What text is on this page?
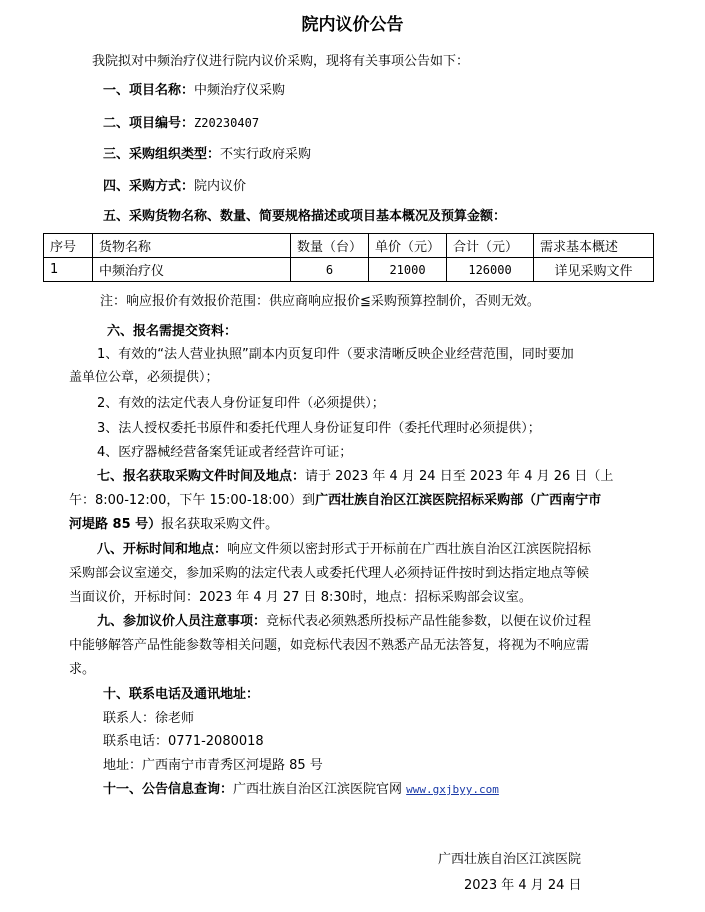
院内议价公告
我院拟对中频治疗仪进行院内议价采购，现将有关事项公告如下：
一、项目名称：中频治疗仪采购
二、项目编号：Z20230407
三、采购组织类型：不实行政府采购
四、采购方式：院内议价
五、采购货物名称、数量、简要规格描述或项目基本概况及预算金额：
序号	货物名称	数量（台）	单价（元）	合计（元）	需求基本概述
1	中频治疗仪	6	21000	126000	详见采购文件
注：响应报价有效报价范围：供应商响应报价≦采购预算控制价，否则无效。
六、报名需提交资料：
1、有效的“法人营业执照”副本内页复印件（要求清晰反映企业经营范围，同时要加
盖单位公章，必须提供）；
2、有效的法定代表人身份证复印件（必须提供）；
3、法人授权委托书原件和委托代理人身份证复印件（委托代理时必须提供）；
4、医疗器械经营备案凭证或者经营许可证；
七、报名获取采购文件时间及地点：请于 2023 年 4 月 24 日至 2023 年 4 月 26 日（上
午：8:00-12:00，下午 15:00-18:00）到广西壮族自治区江滨医院招标采购部（广西南宁市
河堤路 85 号）报名获取采购文件。
八、开标时间和地点：响应文件须以密封形式于开标前在广西壮族自治区江滨医院招标
采购部会议室递交，参加采购的法定代表人或委托代理人必须持证件按时到达指定地点等候
当面议价，开标时间：2023 年 4 月 27 日 8:30时，地点：招标采购部会议室。
九、参加议价人员注意事项：竞标代表必须熟悉所投标产品性能参数，以便在议价过程
中能够解答产品性能参数等相关问题，如竞标代表因不熟悉产品无法答复，将视为不响应需
求。
十、联系电话及通讯地址：
联系人：徐老师
联系电话：0771-2080018
地址：广西南宁市青秀区河堤路 85 号
十一、公告信息查询：广西壮族自治区江滨医院官网 www.gxjbyy.com
广西壮族自治区江滨医院
2023 年 4 月 24 日
